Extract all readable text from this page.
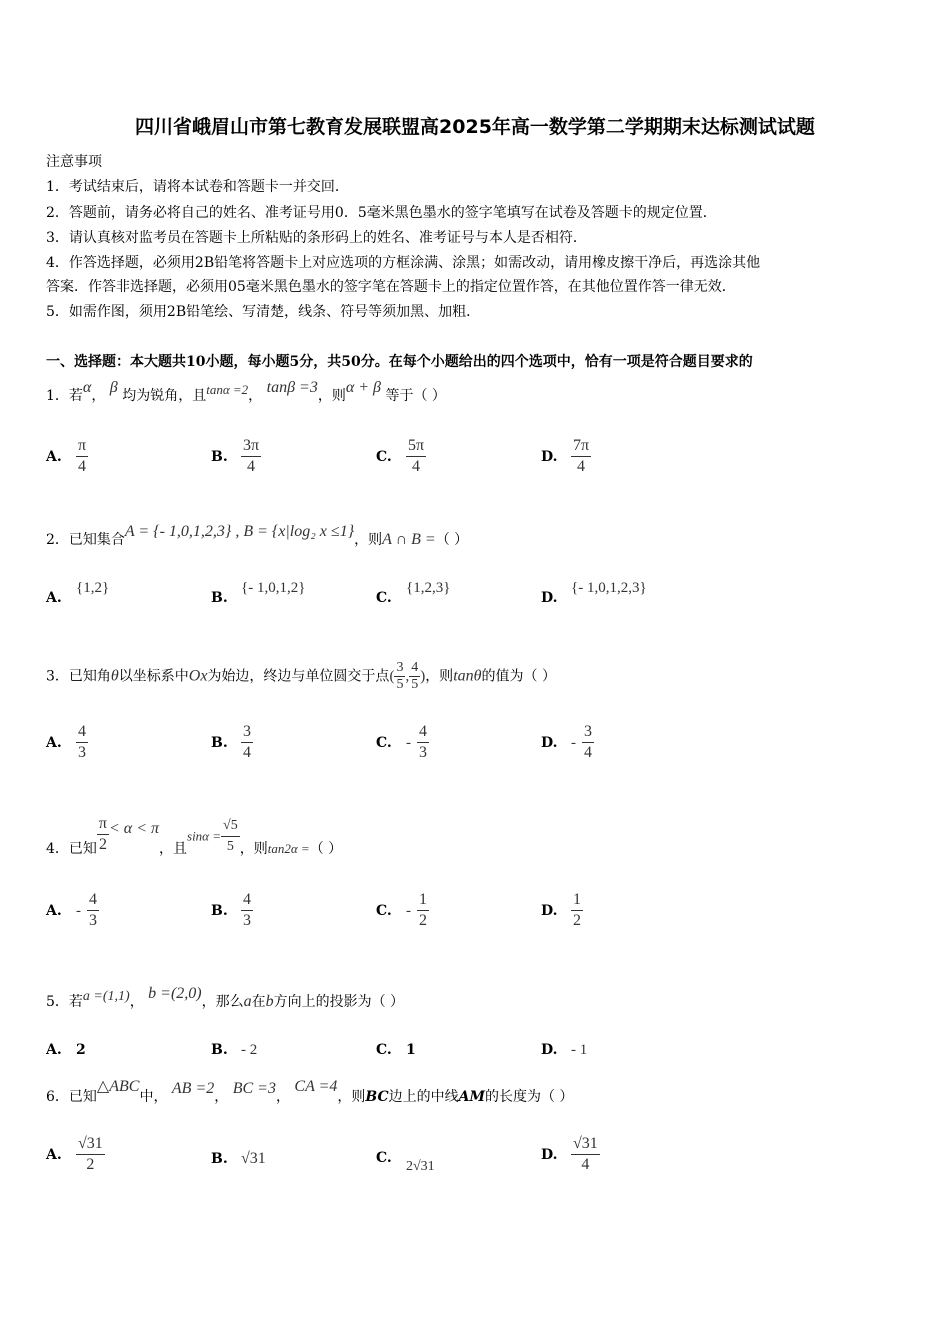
四川省峨眉山市第七教育发展联盟高2025年高一数学第二学期期末达标测试试题
注意事项
1．考试结束后，请将本试卷和答题卡一并交回．
2．答题前，请务必将自己的姓名、准考证号用0．5毫米黑色墨水的签字笔填写在试卷及答题卡的规定位置．
3．请认真核对监考员在答题卡上所粘贴的条形码上的姓名、准考证号与本人是否相符．
4．作答选择题，必须用2B铅笔将答题卡上对应选项的方框涂满、涂黑；如需改动，请用橡皮擦干净后，再选涂其他
答案．作答非选择题，必须用05毫米黑色墨水的签字笔在答题卡上的指定位置作答，在其他位置作答一律无效．
5．如需作图，须用2B铅笔绘、写清楚，线条、符号等须加黑、加粗．
一、选择题：本大题共10小题，每小题5分，共50分。在每个小题给出的四个选项中，恰有一项是符合题目要求的
1．若α， β 均为锐角，且tanα =2， tanβ =3，则α + β 等于（ ）
A. $\frac{\pi}{4}$	B. $\frac{3\pi}{4}$	C. $\frac{5\pi}{4}$	D. $\frac{7\pi}{4}$
2．已知集合A = {- 1,0,1,2,3} , B = {x|log₂ x ≤1}，则A ∩ B =（ ）
A.{1,2}
B.{- 1,0,1,2}
C.{1,2,3}
D.{- 1,0,1,2,3}
3．已知角θ以坐标系中Ox为始边，终边与单位圆交于点( $\frac{3}{5}$ , $\frac{4}{5}$ )，则tanθ的值为（ ）
A. $\frac{4}{3}$	B. $\frac{3}{4}$	C. - $\frac{4}{3}$	D. - $\frac{3}{4}$
4．已知 $\frac{\pi}{2} < \alpha < \pi$，且$\sin\alpha = \frac{√5}{5}$ ，则tan2α =（ ）
A. - $\frac{4}{3}$	B. $\frac{4}{3}$	C. - $\frac{1}{2}$	D. $\frac{1}{2}$
5．若a =(1,1)， b =(2,0)，那么a在b方向上的投影为（ ）
A. 2	B. - 2	C. 1	D. - 1
6．已知△ABC中， AB =2， BC =3， CA =4，则BC边上的中线AM的长度为（ ）
A. $\frac{√31}{2}$	B. √31	C.2√31
D. $\frac{√31}{4}$
